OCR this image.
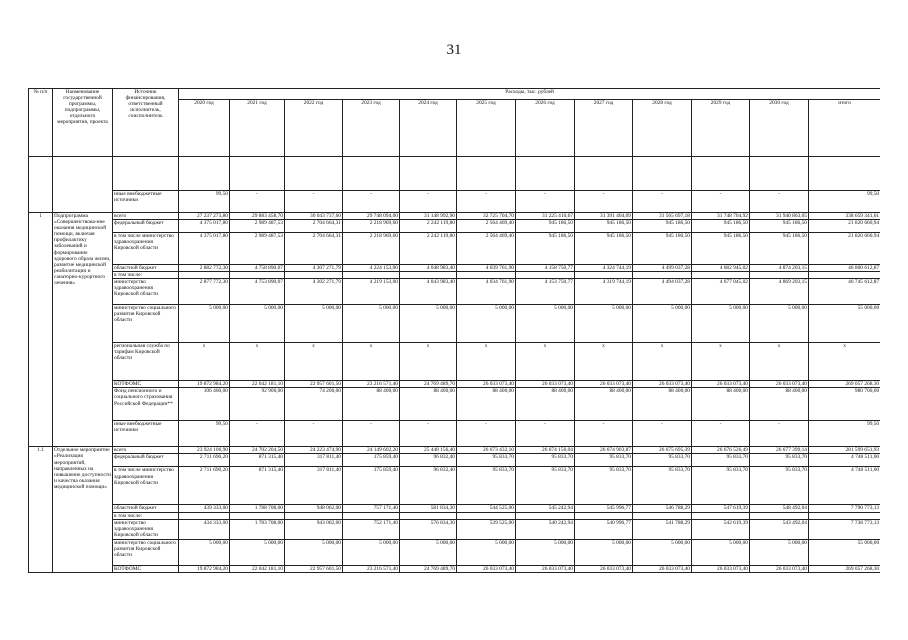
31
№ п/п	Наименование государственной программы, подпрограммы, отдельного мероприятия, проекта	Источник финансирования, ответственный исполнитель, соисполнитель	Расходы, тыс. рублей											
			2020 год	2021 год	2022 год	2023 год	2024 год	2025 год	2026 год	2027 год	2028 год	2029 год	2030 год	итого

		иные внебюджетные источники	99,50	-	-	-	-	-	-	-	-	-	-	99,50
1	Подпрограмма «Совершенствова-ние оказания медицинской помощи, включая профилактику заболеваний и формирование здорового образа жизни, развитие медицинской реабилитации и санаторно-курортного лечения»	всего	27 237 273,80	29 883 458,70	30 043 737,60	29 748 094,00	31 148 992,90	32 725 704,70	31 225 410,67	31 391 404,09	31 565 697,18	31 748 704,92	31 940 863,05	338 659 341,61
		федеральный бюджет	4 375 017,80	2 989 487,53	2 704 664,31	2 218 969,60	2 242 119,80	2 564 469,40	945 186,50	945 186,50	945 186,50	945 186,50	945 186,50	21 820 660,94
		в том числе министерство здравоохранения Кировской области	4 375 017,80	2 989 487,53	2 704 664,31	2 218 969,60	2 242 119,80	2 564 469,40	945 186,50	945 186,50	945 186,50	945 186,50	945 186,50	21 820 660,94
		областной бюджет	2 882 772,30	4 758 890,07	4 307 271,79	4 224 153,00	4 048 983,40	4 039 761,90	4 158 750,77	4 324 744,19	4 499 037,28	4 682 945,02	4 874 203,15	46 800 612,87
		в том числе:												
		министерство здравоохранения Кировской области	2 877 772,30	4 753 890,07	4 302 271,79	4 219 153,00	4 043 983,40	4 034 761,90	4 153 750,77	4 319 744,19	4 494 037,28	4 677 045,02	4 869 203,15	46 745 612,87
		министерство социального развития Кировской области	5 000,00	5 000,00	5 000,00	5 000,00	5 000,00	5 000,00	5 000,00	5 000,00	5 000,00	5 000,00	5 000,00	55 000,00
		региональная служба по тарифам Кировской области	x	x	x	x	x	x	x	x	x	x	x	x
		КОТФОМС	19 872 984,20	22 042 181,10	22 957 601,50	23 216 571,40	24 769 489,70	26 033 073,40	26 033 073,40	26 033 073,40	26 033 073,40	26 033 073,40	26 033 073,40	269 057 268,30
		Фонд пенсионного и социального страхования Российской Федерации**	106 400,00	92 900,00	74 200,00	88 400,00	88 400,00	88 400,00	88 400,00	88 400,00	88 400,00	88 400,00	88 400,00	980 700,00
		иные внебюджетные источники	99,50	-	-	-	-	-	-	-	-	-	-	99,50
1.1	Отдельное мероприятие «Реализация мероприятий, направленных на повышение доступности и качества оказания медицинской помощи»	всего	23 924 106,90	24 702 204,50	24 223 474,90	24 149 602,20	25 448 156,40	26 673 432,10	26 674 150,04	26 674 903,87	26 675 695,39	26 676 526,49	26 677 399,14	281 599 651,93
		федеральный бюджет	2 711 690,20	871 315,40	317 811,40	175 859,40	96 832,40	95 833,70	95 833,70	95 833,70	95 833,70	95 833,70	95 833,70	4 748 511,00
		в том числе министерство здравоохранения Кировской области	2 711 690,20	871 315,40	317 811,40	175 859,40	96 832,40	95 833,70	95 833,70	95 833,70	95 833,70	95 833,70	95 833,70	4 748 511,00
		областной бюджет	439 333,00	1 788 708,00	948 062,00	757 171,40	581 834,30	544 525,00	545 242,94	545 996,77	546 788,29	547 619,39	548 492,04	7 790 773,13
		в том числе:												
		министерство здравоохранения Кировской области	434 333,00	1 783 708,00	943 062,00	752 171,40	576 834,30	539 525,00	540 242,94	540 996,77	541 788,29	542 619,39	543 492,04	7 738 773,13
		министерство социального развития Кировской области	5 000,00	5 000,00	5 000,00	5 000,00	5 000,00	5 000,00	5 000,00	5 000,00	5 000,00	5 000,00	5 000,00	55 000,00
		КОТФОМС	19 872 984,20	22 042 181,10	22 957 601,50	23 216 571,40	24 769 489,70	26 033 073,40	26 033 073,40	26 033 073,40	26 033 073,40	26 033 073,40	26 033 073,40	269 057 268,30
